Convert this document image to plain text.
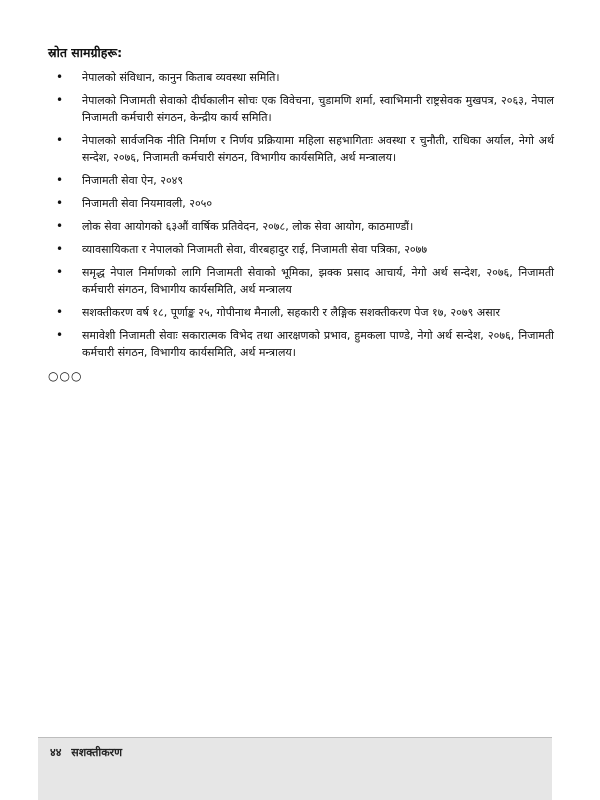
स्रोत सामग्रीहरू:
• नेपालको संविधान, कानुन किताब व्यवस्था समिति।
• नेपालको निजामती सेवाको दीर्घकालीन सोचः एक विवेचना, चुडामणि शर्मा, स्वाभिमानी राष्ट्रसेवक मुखपत्र, २०६३, नेपाल निजामती कर्मचारी संगठन, केन्द्रीय कार्य समिति।
• नेपालको सार्वजनिक नीति निर्माण र निर्णय प्रक्रियामा महिला सहभागिताः अवस्था र चुनौती, राधिका अर्याल, नेगो अर्थ सन्देश, २०७६, निजामती कर्मचारी संगठन, विभागीय कार्यसमिति, अर्थ मन्त्रालय।
• निजामती सेवा ऐन, २०४९
• निजामती सेवा नियमावली, २०५०
• लोक सेवा आयोगको ६३औं वार्षिक प्रतिवेदन, २०७८, लोक सेवा आयोग, काठमाण्डौं।
• व्यावसायिकता र नेपालको निजामती सेवा, वीरबहादुर राई, निजामती सेवा पत्रिका, २०७७
• समृद्ध नेपाल निर्माणको लागि निजामती सेवाको भूमिका, झक्क प्रसाद आचार्य, नेगो अर्थ सन्देश, २०७६, निजामती कर्मचारी संगठन, विभागीय कार्यसमिति, अर्थ मन्त्रालय
• सशक्तीकरण वर्ष १८, पूर्णाङ्क २५, गोपीनाथ मैनाली, सहकारी र लैङ्गिक सशक्तीकरण पेज १७, २०७९ असार
• समावेशी निजामती सेवाः सकारात्मक विभेद तथा आरक्षणको प्रभाव, हुमकला पाण्डे, नेगो अर्थ सन्देश, २०७६, निजामती कर्मचारी संगठन, विभागीय कार्यसमिति, अर्थ मन्त्रालय।
○○○
४४ सशक्तीकरण
